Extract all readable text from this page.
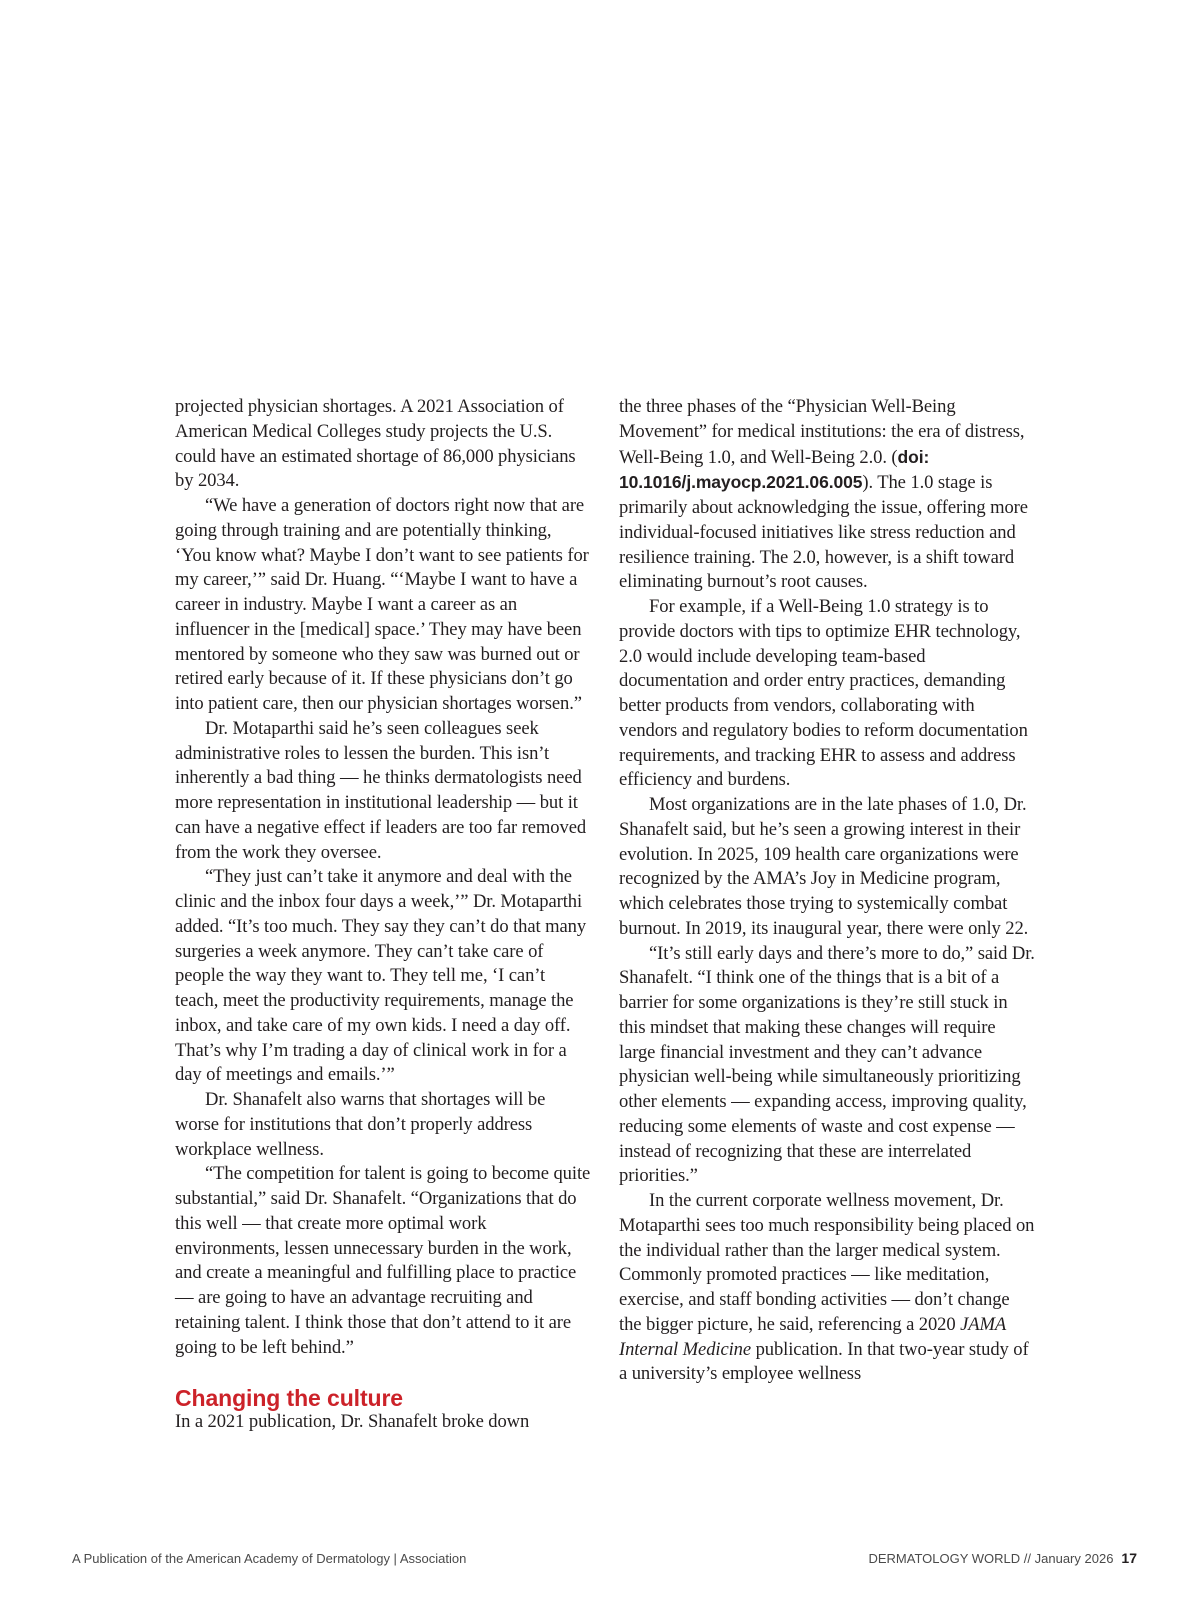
projected physician shortages. A 2021 Association of American Medical Colleges study projects the U.S. could have an estimated shortage of 86,000 physicians by 2034.

“We have a generation of doctors right now that are going through training and are potentially thinking, ‘You know what? Maybe I don’t want to see patients for my career,’” said Dr. Huang. “‘Maybe I want to have a career in industry. Maybe I want a career as an influencer in the [medical] space.’ They may have been mentored by someone who they saw was burned out or retired early because of it. If these physicians don’t go into patient care, then our physician shortages worsen.”

Dr. Motaparthi said he’s seen colleagues seek administrative roles to lessen the burden. This isn’t inherently a bad thing — he thinks dermatologists need more representation in institutional leadership — but it can have a negative effect if leaders are too far removed from the work they oversee.

“They just can’t take it anymore and deal with the clinic and the inbox four days a week,’” Dr. Motaparthi added. “It’s too much. They say they can’t do that many surgeries a week anymore. They can’t take care of people the way they want to. They tell me, ‘I can’t teach, meet the productivity requirements, manage the inbox, and take care of my own kids. I need a day off. That’s why I’m trading a day of clinical work in for a day of meetings and emails.’”

Dr. Shanafelt also warns that shortages will be worse for institutions that don’t properly address workplace wellness.

“The competition for talent is going to become quite substantial,” said Dr. Shanafelt. “Organizations that do this well — that create more optimal work environments, lessen unnecessary burden in the work, and create a meaningful and fulfilling place to practice — are going to have an advantage recruiting and retaining talent. I think those that don’t attend to it are going to be left behind.”

Changing the culture

In a 2021 publication, Dr. Shanafelt broke down

the three phases of the “Physician Well-Being Movement” for medical institutions: the era of distress, Well-Being 1.0, and Well-Being 2.0. (doi: 10.1016/j.mayocp.2021.06.005). The 1.0 stage is primarily about acknowledging the issue, offering more individual-focused initiatives like stress reduction and resilience training. The 2.0, however, is a shift toward eliminating burnout’s root causes.

For example, if a Well-Being 1.0 strategy is to provide doctors with tips to optimize EHR technology, 2.0 would include developing team-based documentation and order entry practices, demanding better products from vendors, collaborating with vendors and regulatory bodies to reform documentation requirements, and tracking EHR to assess and address efficiency and burdens.

Most organizations are in the late phases of 1.0, Dr. Shanafelt said, but he’s seen a growing interest in their evolution. In 2025, 109 health care organizations were recognized by the AMA’s Joy in Medicine program, which celebrates those trying to systemically combat burnout. In 2019, its inaugural year, there were only 22.

“It’s still early days and there’s more to do,” said Dr. Shanafelt. “I think one of the things that is a bit of a barrier for some organizations is they’re still stuck in this mindset that making these changes will require large financial investment and they can’t advance physician well-being while simultaneously prioritizing other elements — expanding access, improving quality, reducing some elements of waste and cost expense — instead of recognizing that these are interrelated priorities.”

In the current corporate wellness movement, Dr. Motaparthi sees too much responsibility being placed on the individual rather than the larger medical system. Commonly promoted practices — like meditation, exercise, and staff bonding activities — don’t change the bigger picture, he said, referencing a 2020 JAMA Internal Medicine publication. In that two-year study of a university’s employee wellness

A Publication of the American Academy of Dermatology | Association	DERMATOLOGY WORLD // January 2026 17
